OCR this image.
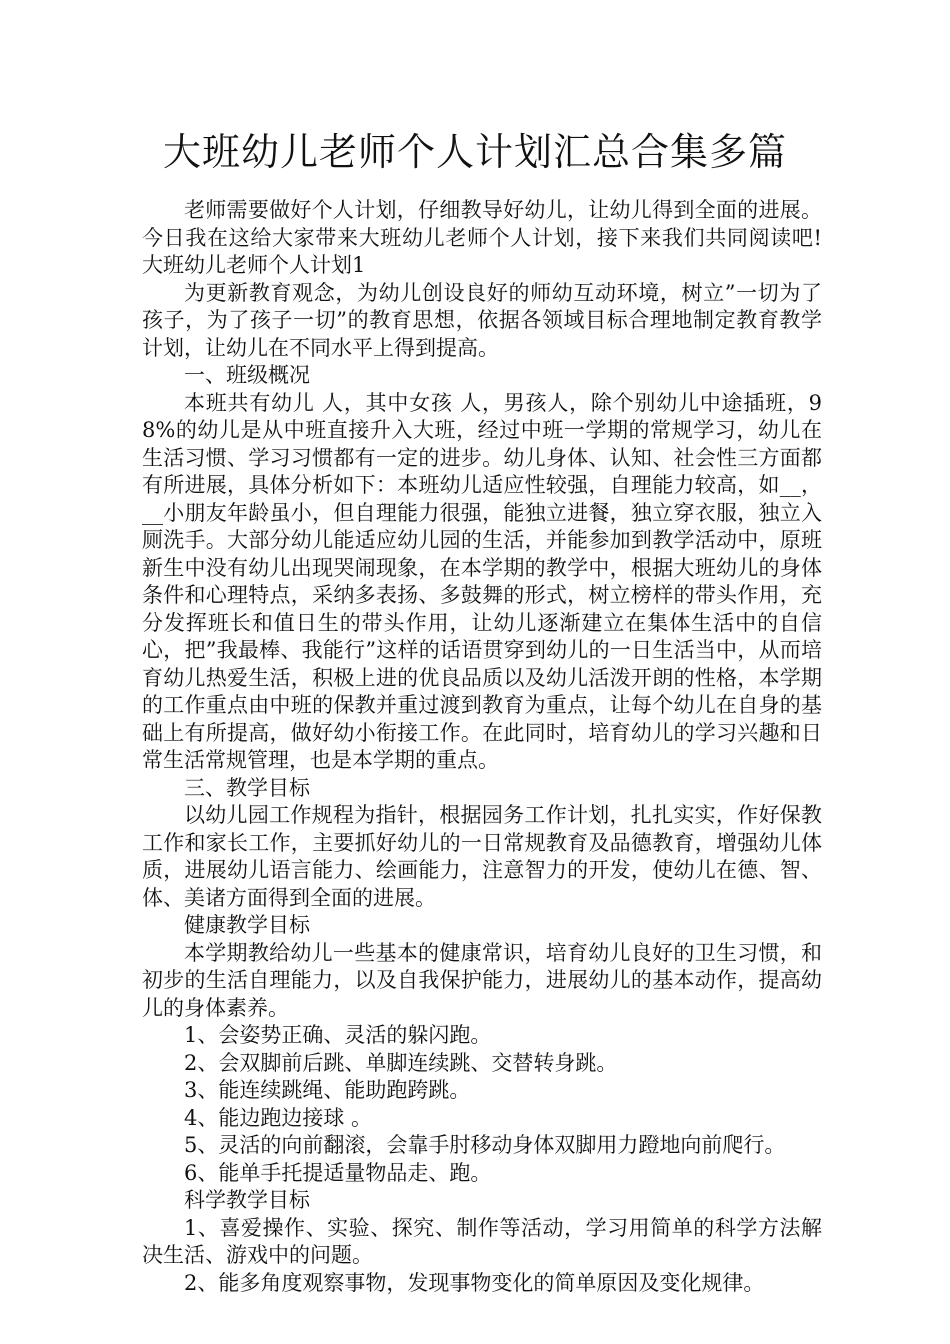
大班幼儿老师个人计划汇总合集多篇

老师需要做好个人计划，仔细教导好幼儿，让幼儿得到全面的进展。今日我在这给大家带来大班幼儿老师个人计划，接下来我们共同阅读吧!大班幼儿老师个人计划1

为更新教育观念，为幼儿创设良好的师幼互动环境，树立”一切为了孩子，为了孩子一切”的教育思想，依据各领域目标合理地制定教育教学计划，让幼儿在不同水平上得到提高。

一、班级概况

本班共有幼儿 人，其中女孩 人，男孩人，除个别幼儿中途插班，98%的幼儿是从中班直接升入大班，经过中班一学期的常规学习，幼儿在生活习惯、学习习惯都有一定的进步。幼儿身体、认知、社会性三方面都有所进展，具体分析如下：本班幼儿适应性较强，自理能力较高，如__，__小朋友年龄虽小，但自理能力很强，能独立进餐，独立穿衣服，独立入厕洗手。大部分幼儿能适应幼儿园的生活，并能参加到教学活动中，原班新生中没有幼儿出现哭闹现象，在本学期的教学中，根据大班幼儿的身体条件和心理特点，采纳多表扬、多鼓舞的形式，树立榜样的带头作用，充分发挥班长和值日生的带头作用，让幼儿逐渐建立在集体生活中的自信心，把”我最棒、我能行”这样的话语贯穿到幼儿的一日生活当中，从而培育幼儿热爱生活，积极上进的优良品质以及幼儿活泼开朗的性格，本学期的工作重点由中班的保教并重过渡到教育为重点，让每个幼儿在自身的基础上有所提高，做好幼小衔接工作。在此同时，培育幼儿的学习兴趣和日常生活常规管理，也是本学期的重点。

三、教学目标

以幼儿园工作规程为指针，根据园务工作计划，扎扎实实，作好保教工作和家长工作，主要抓好幼儿的一日常规教育及品德教育，增强幼儿体质，进展幼儿语言能力、绘画能力，注意智力的开发，使幼儿在德、智、体、美诸方面得到全面的进展。

健康教学目标

本学期教给幼儿一些基本的健康常识，培育幼儿良好的卫生习惯，和初步的生活自理能力，以及自我保护能力，进展幼儿的基本动作，提高幼儿的身体素养。

1、会姿势正确、灵活的躲闪跑。

2、会双脚前后跳、单脚连续跳、交替转身跳。

3、能连续跳绳、能助跑跨跳。

4、能边跑边接球 。

5、灵活的向前翻滚，会靠手肘移动身体双脚用力蹬地向前爬行。

6、能单手托提适量物品走、跑。

科学教学目标

1、喜爱操作、实验、探究、制作等活动，学习用简单的科学方法解决生活、游戏中的问题。

2、能多角度观察事物，发现事物变化的简单原因及变化规律。
